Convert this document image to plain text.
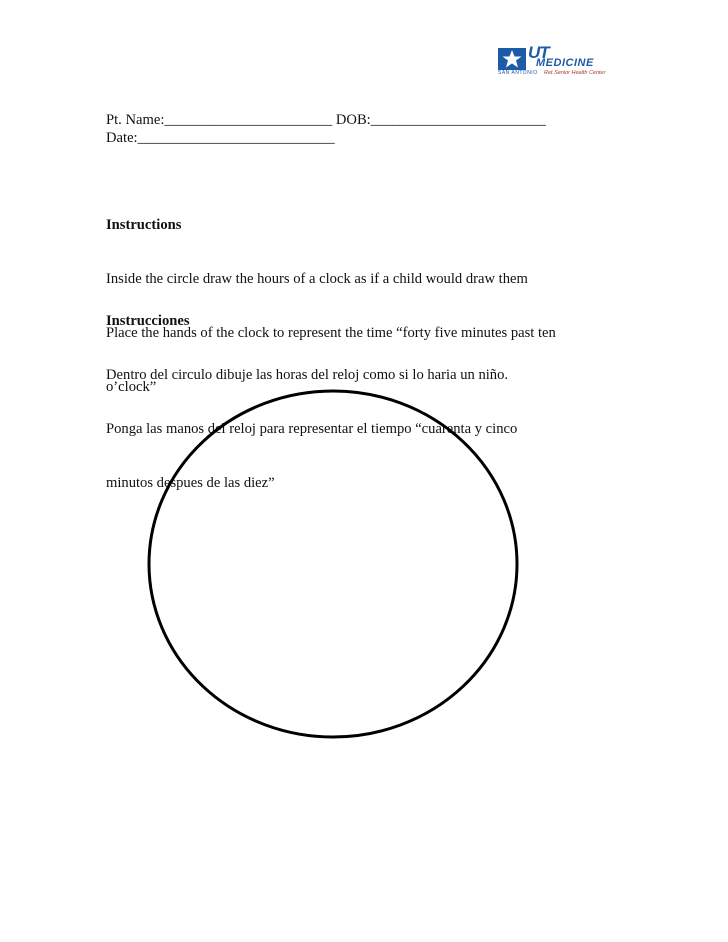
UT
MEDICINE
SAN ANTONIO	Ret Senior Health Center
Pt. Name:_______________________ DOB:________________________
Date:___________________________

Instructions

Inside the circle draw the hours of a clock as if a child would draw them

Place the hands of the clock to represent the time “forty five minutes past ten

o’clock”

Instrucciones

Dentro del circulo dibuje las horas del reloj como si lo haria un niño.

Ponga las manos del reloj para representar el tiempo “cuarenta y cinco

minutos despues de las diez”
